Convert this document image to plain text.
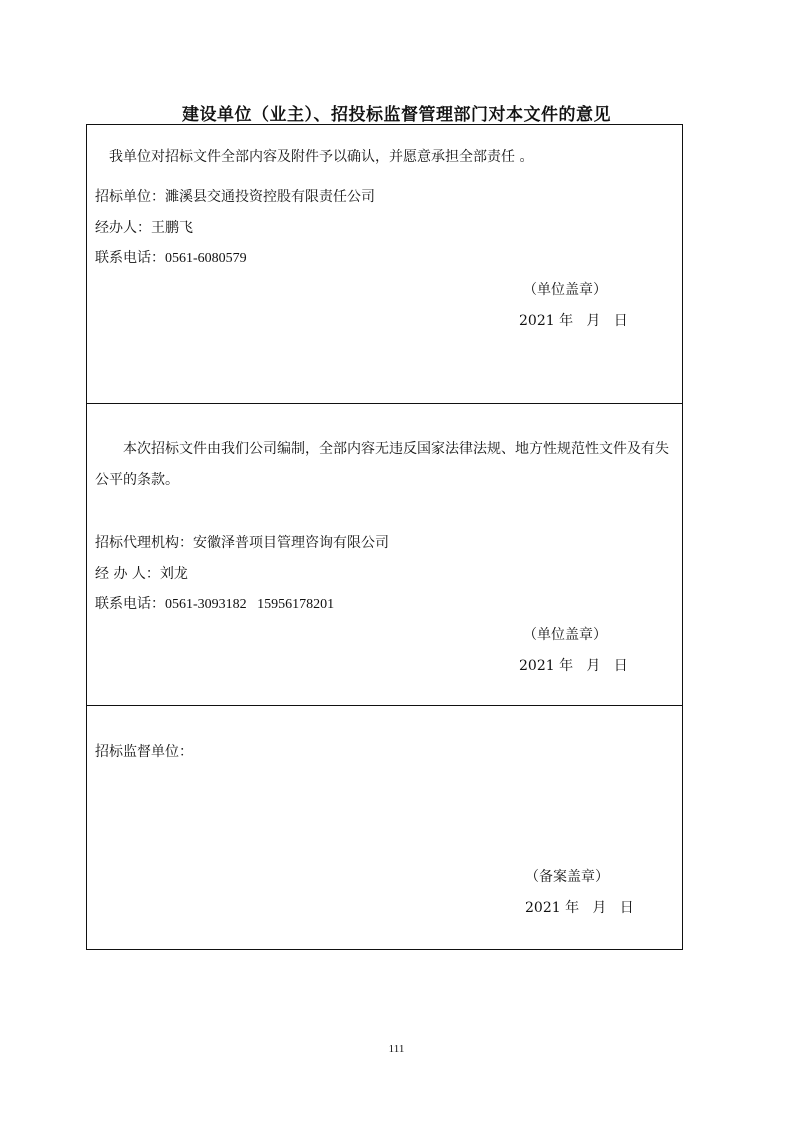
建设单位（业主）、招投标监督管理部门对本文件的意见
我单位对招标文件全部内容及附件予以确认，并愿意承担全部责任 。
招标单位：濉溪县交通投资控股有限责任公司
经办人：王鹏飞
联系电话：0561-6080579
（单位盖章）
2021 年   月   日
本次招标文件由我们公司编制，全部内容无违反国家法律法规、地方性规范性文件及有失公平的条款。
招标代理机构：安徽泽普项目管理咨询有限公司
经 办 人：刘龙
联系电话：0561-3093182   15956178201
（单位盖章）
2021 年   月   日
招标监督单位：
（备案盖章）
2021 年   月   日
111
